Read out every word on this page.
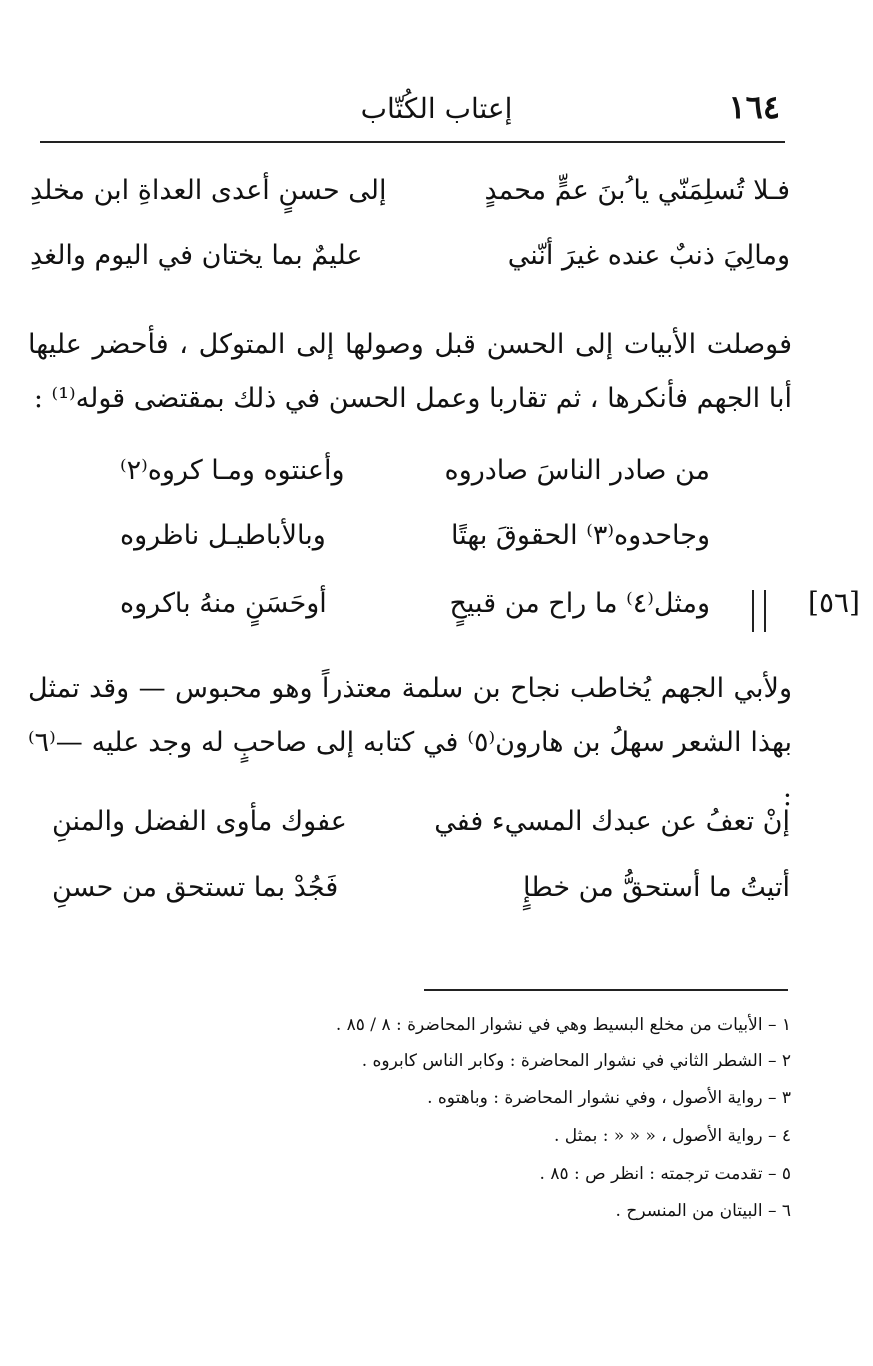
١٦٤
إعتاب الكُتّاب
فـلا تُسلِمَنّي يا ُبنَ عمٍّ محمدٍ
إلى حسنٍ أعدى العداةِ ابن مخلدِ
ومالِيَ ذنبٌ عنده غيرَ أنّني
عليمٌ بما يختان في اليوم والغدِ
فوصلت الأبيات إلى الحسن قبل وصولها إلى المتوكل ، فأحضر عليها أبا الجهم فأنكرها ، ثم تقاربا وعمل الحسن في ذلك بمقتضى قوله⁽¹⁾ :
من صادر الناسَ صادروه
وأعنتوه ومـا كروه⁽٢⁾
وجاحدوه⁽٣⁾ الحقوقَ بهتًا
وبالأباطيـل ناظروه
ومثل⁽٤⁾ ما راح من قبيحٍ
أوحَسَنٍ منهُ باكروه	[٥٦]
ولأبي الجهم يُخاطب نجاح بن سلمة معتذراً وهو محبوس — وقد تمثل بهذا الشعر سهلُ بن هارون⁽٥⁾ في كتابه إلى صاحبٍ له وجد عليه —⁽٦⁾ :
إنْ تعفُ عن عبدك المسيء ففي
عفوك مأوى الفضل والمننِ
أتيتُ ما أستحقُّ من خطإٍ
فَجُدْ بما تستحق من حسنِ
١ – الأبيات من مخلع البسيط وهي في نشوار المحاضرة : ٨ / ٨٥ .
٢ – الشطر الثاني في نشوار المحاضرة : وكابر الناس كابروه .
٣ – رواية الأصول ، وفي نشوار المحاضرة : وباهتوه .
٤ – رواية الأصول ، « « « : بمثل .
٥ – تقدمت ترجمته : انظر ص : ٨٥ .
٦ – البيتان من المنسرح .
